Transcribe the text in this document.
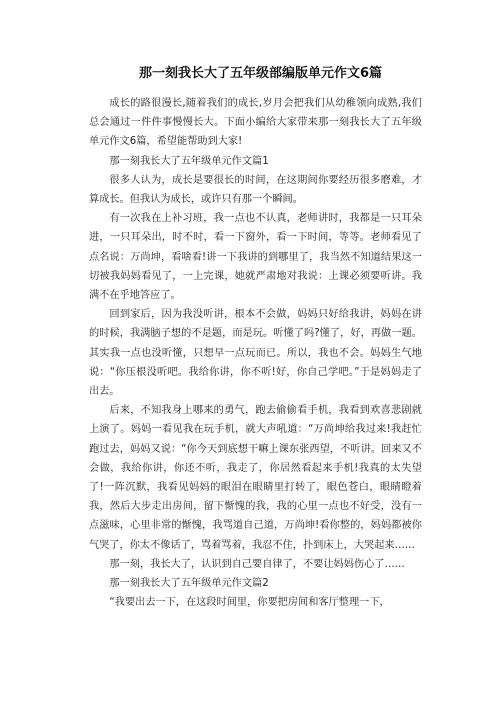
那一刻我长大了五年级部编版单元作文6篇

成长的路很漫长,随着我们的成长,岁月会把我们从幼稚领向成熟,我们总会通过一件件事慢慢长大。下面小编给大家带来那一刻我长大了五年级单元作文6篇，希望能帮助到大家!

那一刻我长大了五年级单元作文篇1

很多人认为，成长是要很长的时间，在这期间你要经历很多磨难，才算成长。但我认为成长，或许只有那一个瞬间。

有一次我在上补习班，我一点也不认真，老师讲时，我都是一只耳朵进，一只耳朵出，时不时，看一下窗外，看一下时间，等等。老师看见了点名说：万尚坤，看啥看!讲一下我讲的到哪里了，我当然不知道结果这一切被我妈妈看见了，一上完课，她就严肃地对我说：上课必须要听讲。我满不在乎地答应了。

回到家后，因为我没听讲，根本不会做，妈妈只好给我讲，妈妈在讲的时候，我满脑子想的不是题，而是玩。听懂了吗?懂了，好，再做一题。其实我一点也没听懂，只想早一点玩而已。所以，我也不会。妈妈生气地说：“你压根没听吧。我给你讲，你不听!好，你自己学吧。”于是妈妈走了出去。

后来，不知我身上哪来的勇气，跑去偷偷看手机，我看到欢喜悲剧就上演了。妈妈一看见我在玩手机，就大声吼道：“万尚坤给我过来!我赶忙跑过去，妈妈又说：“你今天到底想干嘛上课东张西望，不听讲。回来又不会做，我给你讲，你还不听，我走了，你居然看起来手机!我真的太失望了!一阵沉默，我看见妈妈的眼泪在眼睛里打转了，眼色苍白，眼睛瞪着我，然后大步走出房间，留下惭愧的我，我的心里一点也不好受，没有一点滋味，心里非常的惭愧，我骂道自己道，万尚坤!看你整的，妈妈都被你气哭了，你太不像话了，骂着骂着，我忍不住，扑到床上，大哭起来……

那一刻，我长大了，认识到自己要自律了，不要让妈妈伤心了……

那一刻我长大了五年级单元作文篇2

“我要出去一下，在这段时间里，你要把房间和客厅整理一下，
